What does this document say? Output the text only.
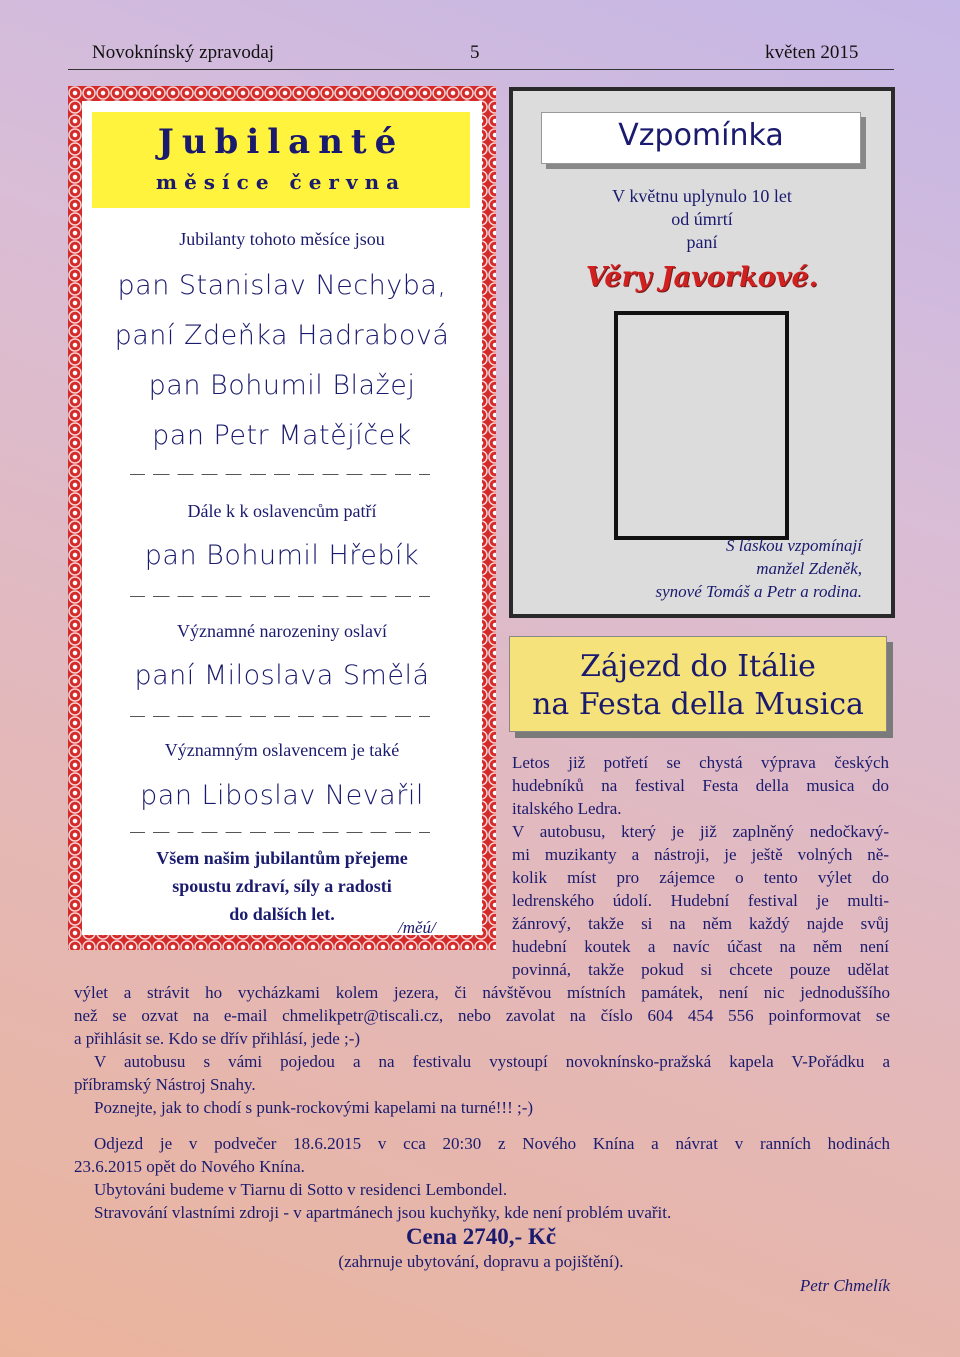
Novoknínský zpravodaj	5	květen 2015
Jubilanté
měsíce června
Jubilanty tohoto měsíce jsou
pan Stanislav Nechyba,
paní Zdeňka Hadrabová
pan Bohumil Blažej
pan Petr Matějíček
Dále k k oslavencům patří
pan Bohumil Hřebík
Významné narozeniny oslaví
paní Miloslava Smělá
Významným oslavencem je také
pan Liboslav Nevařil
Všem našim jubilantům přejeme
spoustu zdraví, síly a radosti
do dalších let.
/měú/
Vzpomínka
V květnu uplynulo 10 let
od úmrtí
paní
Věry Javorkové.
S láskou vzpomínají
manžel Zdeněk,
synové Tomáš a Petr a rodina.
Zájezd do Itálie
na Festa della Musica
Letos již potřetí se chystá výprava českých
hudebníků na festival Festa della musica do
italského Ledra.
V autobusu, který je již zaplněný nedočkavý-
mi muzikanty a nástroji, je ještě volných ně-
kolik míst pro zájemce o tento výlet do
ledrenského údolí. Hudební festival je multi-
žánrový, takže si na něm každý najde svůj
hudební koutek a navíc účast na něm není
povinná, takže pokud si chcete pouze udělat
výlet a strávit ho vycházkami kolem jezera, či návštěvou místních památek, není nic jednoduššího
než se ozvat na e-mail chmelikpetr@tiscali.cz, nebo zavolat na číslo 604 454 556 poinformovat se
a přihlásit se. Kdo se dřív přihlásí, jede ;-)
V autobusu s vámi pojedou a na festivalu vystoupí novoknínsko-pražská kapela V-Pořádku a
příbramský Nástroj Snahy.
Poznejte, jak to chodí s punk-rockovými kapelami na turné!!! ;-)
Odjezd je v podvečer 18.6.2015 v cca 20:30 z Nového Knína a návrat v ranních hodinách
23.6.2015 opět do Nového Knína.
Ubytováni budeme v Tiarnu di Sotto v residenci Lembondel.
Stravování vlastními zdroji - v apartmánech jsou kuchyňky, kde není problém uvařit.
Cena 2740,- Kč
(zahrnuje ubytování, dopravu a pojištění).
Petr Chmelík
